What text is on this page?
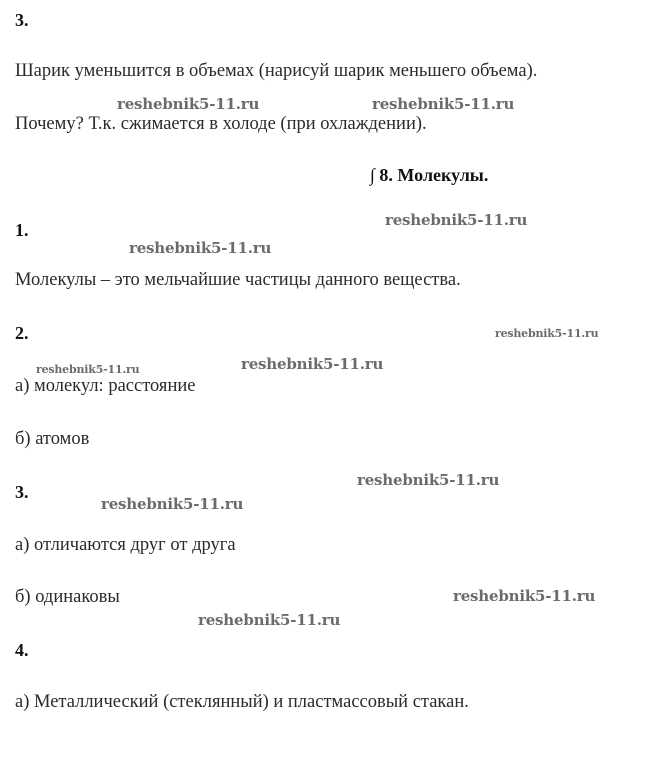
reshebnik5-11.ru	reshebnik5-11.ru
reshebnik5-11.ru
reshebnik5-11.ru
reshebnik5-11.ru
reshebnik5-11.ru	reshebnik5-11.ru
reshebnik5-11.ru
reshebnik5-11.ru
reshebnik5-11.ru
reshebnik5-11.ru
3.
Шарик уменьшится в объемах (нарисуй шарик меньшего объема).
Почему? Т.к. сжимается в холоде (при охлаждении).
∫ 8. Молекулы.
1.
Молекулы – это мельчайшие частицы данного вещества.
2.
а) молекул: расстояние
б) атомов
3.
а) отличаются друг от друга
б) одинаковы
4.
а) Металлический (стеклянный) и пластмассовый стакан.
